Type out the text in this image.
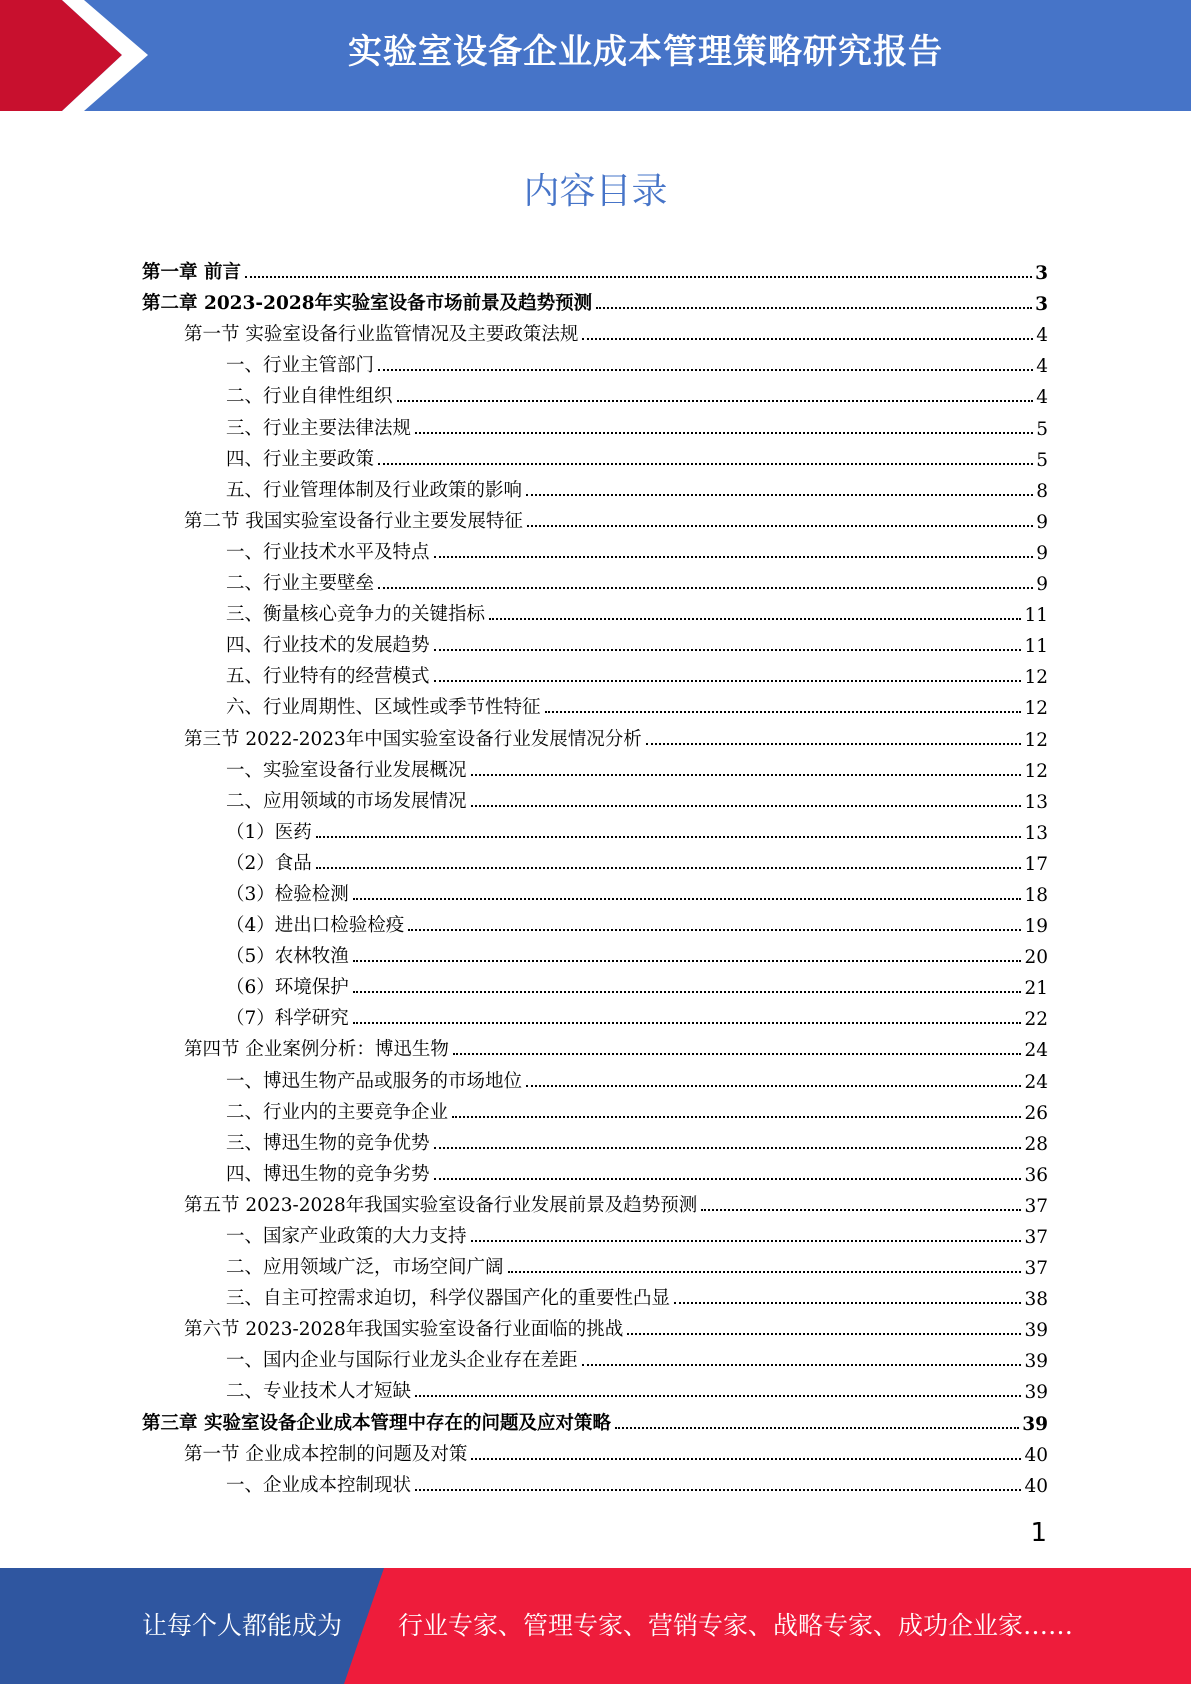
实验室设备企业成本管理策略研究报告
内容目录
第一章 前言	3
第二章 2023-2028年实验室设备市场前景及趋势预测	3
第一节 实验室设备行业监管情况及主要政策法规	4
一、行业主管部门	4
二、行业自律性组织	4
三、行业主要法律法规	5
四、行业主要政策	5
五、行业管理体制及行业政策的影响	8
第二节 我国实验室设备行业主要发展特征	9
一、行业技术水平及特点	9
二、行业主要壁垒	9
三、衡量核心竞争力的关键指标	11
四、行业技术的发展趋势	11
五、行业特有的经营模式	12
六、行业周期性、区域性或季节性特征	12
第三节 2022-2023年中国实验室设备行业发展情况分析	12
一、实验室设备行业发展概况	12
二、应用领域的市场发展情况	13
（1）医药	13
（2）食品	17
（3）检验检测	18
（4）进出口检验检疫	19
（5）农林牧渔	20
（6）环境保护	21
（7）科学研究	22
第四节 企业案例分析：博迅生物	24
一、博迅生物产品或服务的市场地位	24
二、行业内的主要竞争企业	26
三、博迅生物的竞争优势	28
四、博迅生物的竞争劣势	36
第五节 2023-2028年我国实验室设备行业发展前景及趋势预测	37
一、国家产业政策的大力支持	37
二、应用领域广泛，市场空间广阔	37
三、自主可控需求迫切，科学仪器国产化的重要性凸显	38
第六节 2023-2028年我国实验室设备行业面临的挑战	39
一、国内企业与国际行业龙头企业存在差距	39
二、专业技术人才短缺	39
第三章 实验室设备企业成本管理中存在的问题及应对策略	39
第一节 企业成本控制的问题及对策	40
一、企业成本控制现状	40
1
让每个人都能成为 行业专家、管理专家、营销专家、战略专家、成功企业家……
